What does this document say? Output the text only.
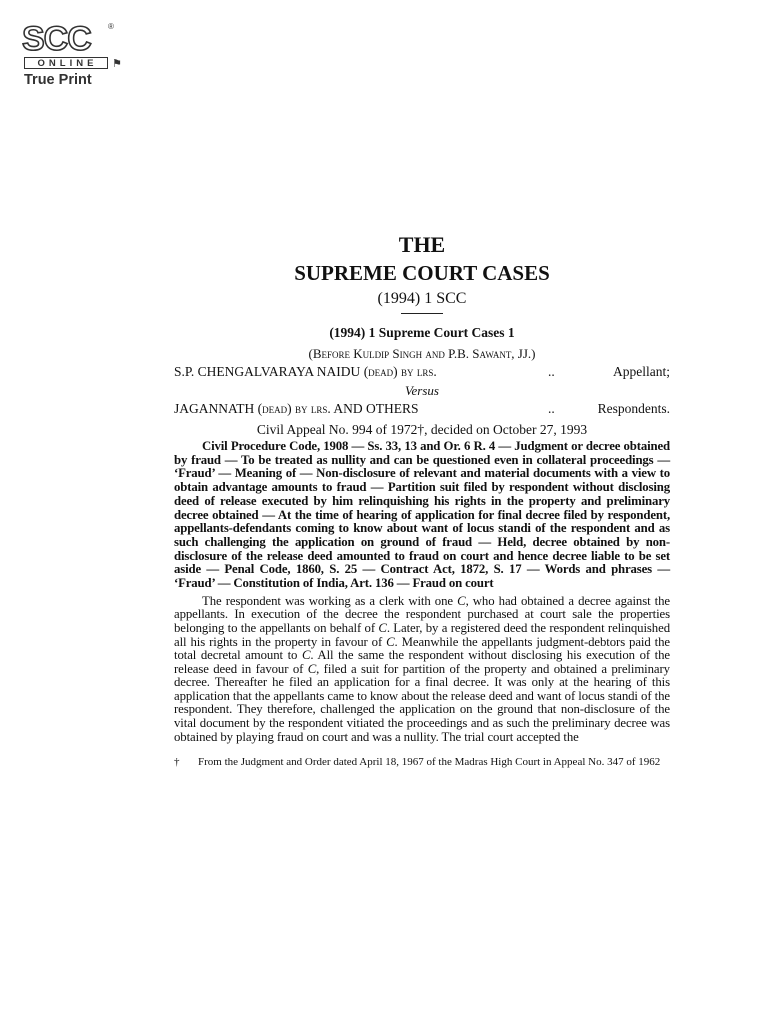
SCC ®
ONLINE	⚑
True Print
THE
SUPREME COURT CASES
(1994) 1 SCC
(1994) 1 Supreme Court Cases 1
(Before Kuldip Singh and P.B. Sawant, JJ.)
S.P. CHENGALVARAYA NAIDU (dead) by lrs.	..	Appellant;
Versus
JAGANNATH (dead) by lrs. AND OTHERS	..	Respondents.
Civil Appeal No. 994 of 1972†, decided on October 27, 1993
Civil Procedure Code, 1908 — Ss. 33, 13 and Or. 6 R. 4 — Judgment or decree obtained by fraud — To be treated as nullity and can be questioned even in collateral proceedings — ‘Fraud’ — Meaning of — Non-disclosure of relevant and material documents with a view to obtain advantage amounts to fraud — Partition suit filed by respondent without disclosing deed of release executed by him relinquishing his rights in the property and preliminary decree obtained — At the time of hearing of application for final decree filed by respondent, appellants-defendants coming to know about want of locus standi of the respondent and as such challenging the application on ground of fraud — Held, decree obtained by non-disclosure of the release deed amounted to fraud on court and hence decree liable to be set aside — Penal Code, 1860, S. 25 — Contract Act, 1872, S. 17 — Words and phrases — ‘Fraud’ — Constitution of India, Art. 136 — Fraud on court
The respondent was working as a clerk with one C, who had obtained a decree against the appellants. In execution of the decree the respondent purchased at court sale the properties belonging to the appellants on behalf of C. Later, by a registered deed the respondent relinquished all his rights in the property in favour of C. Meanwhile the appellants judgment-debtors paid the total decretal amount to C. All the same the respondent without disclosing his execution of the release deed in favour of C, filed a suit for partition of the property and obtained a preliminary decree. Thereafter he filed an application for a final decree. It was only at the hearing of this application that the appellants came to know about the release deed and want of locus standi of the respondent. They therefore, challenged the application on the ground that non-disclosure of the vital document by the respondent vitiated the proceedings and as such the preliminary decree was obtained by playing fraud on court and was a nullity. The trial court accepted the
† From the Judgment and Order dated April 18, 1967 of the Madras High Court in Appeal No. 347 of 1962
